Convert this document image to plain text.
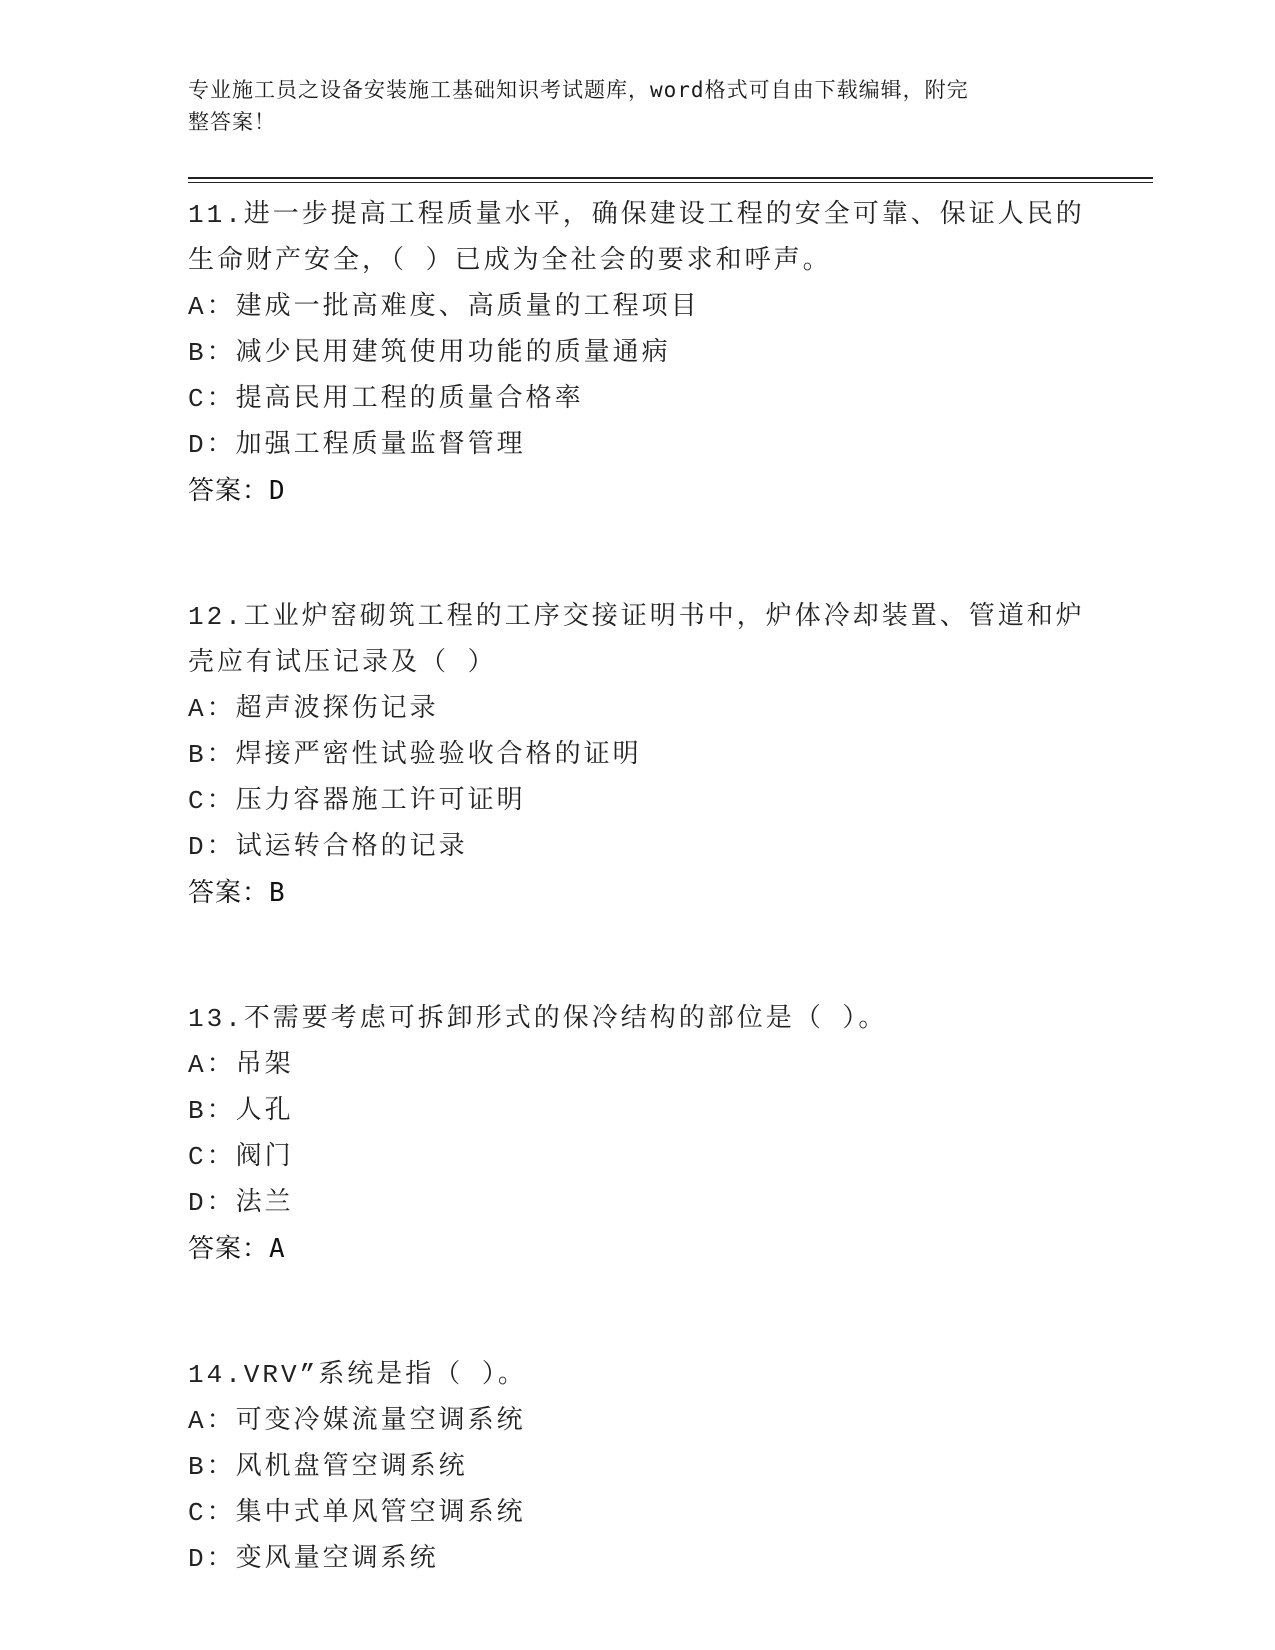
专业施工员之设备安装施工基础知识考试题库，word格式可自由下载编辑，附完
整答案！
11.进一步提高工程质量水平，确保建设工程的安全可靠、保证人民的
生命财产安全，（ ）已成为全社会的要求和呼声。
A：建成一批高难度、高质量的工程项目
B：减少民用建筑使用功能的质量通病
C：提高民用工程的质量合格率
D：加强工程质量监督管理
答案：D
12.工业炉窑砌筑工程的工序交接证明书中，炉体冷却装置、管道和炉
壳应有试压记录及（ ）
A：超声波探伤记录
B：焊接严密性试验验收合格的证明
C：压力容器施工许可证明
D：试运转合格的记录
答案：B
13.不需要考虑可拆卸形式的保冷结构的部位是（ ）。
A：吊架
B：人孔
C：阀门
D：法兰
答案：A
14.VRV”系统是指（ ）。
A：可变冷媒流量空调系统
B：风机盘管空调系统
C：集中式单风管空调系统
D：变风量空调系统
